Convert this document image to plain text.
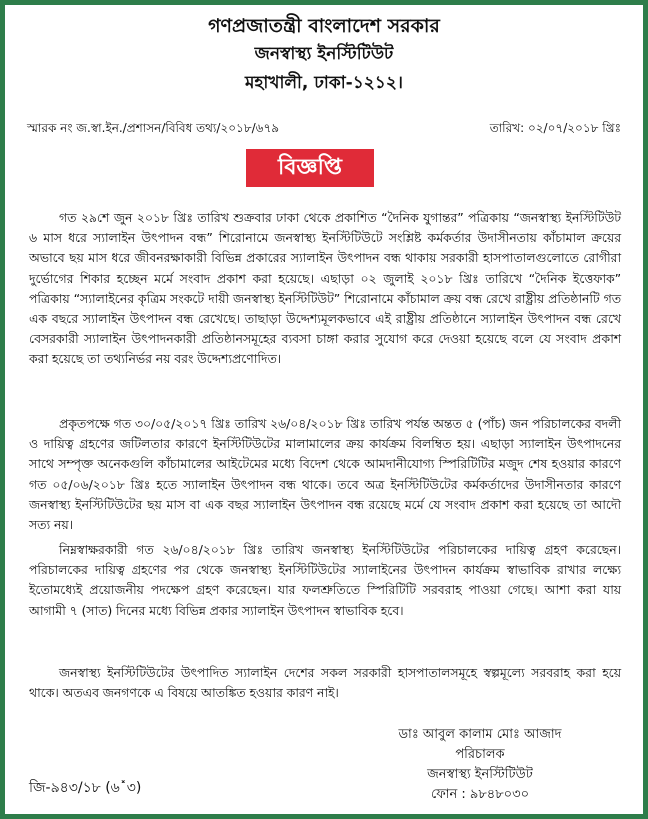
গণপ্রজাতন্ত্রী বাংলাদেশ সরকার
জনস্বাস্থ্য ইনস্টিটিউট
মহাখালী, ঢাকা-১২১২।
স্মারক নং জ.স্বা.ইন./প্রশাসন/বিবিধ তথ্য/২০১৮/৬৭৯	তারিখ: ০২/০৭/২০১৮ খ্রিঃ
বিজ্ঞপ্তি
গত ২৯শে জুন ২০১৮ খ্রিঃ তারিখ শুক্রবার ঢাকা থেকে প্রকাশিত “দৈনিক যুগান্তর” পত্রিকায় “জনস্বাস্থ্য ইনস্টিটিউট ৬ মাস ধরে স্যালাইন উৎপাদন বন্ধ” শিরোনামে জনস্বাস্থ্য ইনস্টিটিউটে সংশ্লিষ্ট কর্মকর্তার উদাসীনতায় কাঁচামাল ক্রয়ের অভাবে ছয় মাস ধরে জীবনরক্ষাকারী বিভিন্ন প্রকারের স্যালাইন উৎপাদন বন্ধ থাকায় সরকারী হাসপাতালগুলোতে রোগীরা দুর্ভোগের শিকার হচ্ছেন মর্মে সংবাদ প্রকাশ করা হয়েছে। এছাড়া ০২ জুলাই ২০১৮ খ্রিঃ তারিখে “দৈনিক ইত্তেফাক” পত্রিকায় “স্যালাইনের কৃত্রিম সংকটে দায়ী জনস্বাস্থ্য ইনস্টিটিউট” শিরোনামে কাঁচামাল ক্রয় বন্ধ রেখে রাষ্ট্রীয় প্রতিষ্ঠানটি গত এক বছরে স্যালাইন উৎপাদন বন্ধ রেখেছে। তাছাড়া উদ্দেশ্যমূলকভাবে এই রাষ্ট্রীয় প্রতিষ্ঠানে স্যালাইন উৎপাদন বন্ধ রেখে বেসরকারী স্যালাইন উৎপাদনকারী প্রতিষ্ঠানসমূহের ব্যবসা চাঙ্গা করার সুযোগ করে দেওয়া হয়েছে বলে যে সংবাদ প্রকাশ করা হয়েছে তা তথ্যনির্ভর নয় বরং উদ্দেশ্যপ্রণোদিত।
প্রকৃতপক্ষে গত ৩০/০৫/২০১৭ খ্রিঃ তারিখ ২৬/০৪/২০১৮ খ্রিঃ তারিখ পর্যন্ত অন্তত ৫ (পাঁচ) জন পরিচালকের বদলী ও দায়িত্ব গ্রহণের জটিলতার কারণে ইনস্টিটিউটের মালামালের ক্রয় কার্যক্রম বিলম্বিত হয়। এছাড়া স্যালাইন উৎপাদনের সাথে সম্পৃক্ত অনেকগুলি কাঁচামালের আইটেমের মধ্যে বিদেশ থেকে আমদানীযোগ্য স্পিরিটিটির মজুদ শেষ হওয়ার কারণে গত ০৫/০৬/২০১৮ খ্রিঃ হতে স্যালাইন উৎপাদন বন্ধ থাকে। তবে অত্র ইনস্টিটিউটের কর্মকর্তাদের উদাসীনতার কারণে জনস্বাস্থ্য ইনস্টিটিউটের ছয় মাস বা এক বছর স্যালাইন উৎপাদন বন্ধ রয়েছে মর্মে যে সংবাদ প্রকাশ করা হয়েছে তা আদৌ সত্য নয়।
নিম্নস্বাক্ষরকারী গত ২৬/০৪/২০১৮ খ্রিঃ তারিখ জনস্বাস্থ্য ইনস্টিটিউটের পরিচালকের দায়িত্ব গ্রহণ করেছেন। পরিচালকের দায়িত্ব গ্রহণের পর থেকে জনস্বাস্থ্য ইনস্টিটিউটের স্যালাইনের উৎপাদন কার্যক্রম স্বাভাবিক রাখার লক্ষ্যে ইতোমধ্যেই প্রয়োজনীয় পদক্ষেপ গ্রহণ করেছেন। যার ফলশ্রুতিতে স্পিরিটিটি সরবরাহ পাওয়া গেছে। আশা করা যায় আগামী ৭ (সাত) দিনের মধ্যে বিভিন্ন প্রকার স্যালাইন উৎপাদন স্বাভাবিক হবে।
জনস্বাস্থ্য ইনস্টিটিউটের উৎপাদিত স্যালাইন দেশের সকল সরকারী হাসপাতালসমূহে স্বল্পমূল্যে সরবরাহ করা হয়ে থাকে। অতএব জনগণকে এ বিষয়ে আতঙ্কিত হওয়ার কারণ নাই।
ডাঃ আবুল কালাম মোঃ আজাদ
পরিচালক
জনস্বাস্থ্য ইনস্টিটিউট
ফোন : ৯৮৪৮০৩০
জি-৯৪৩/১৮ (৬˟৩)
